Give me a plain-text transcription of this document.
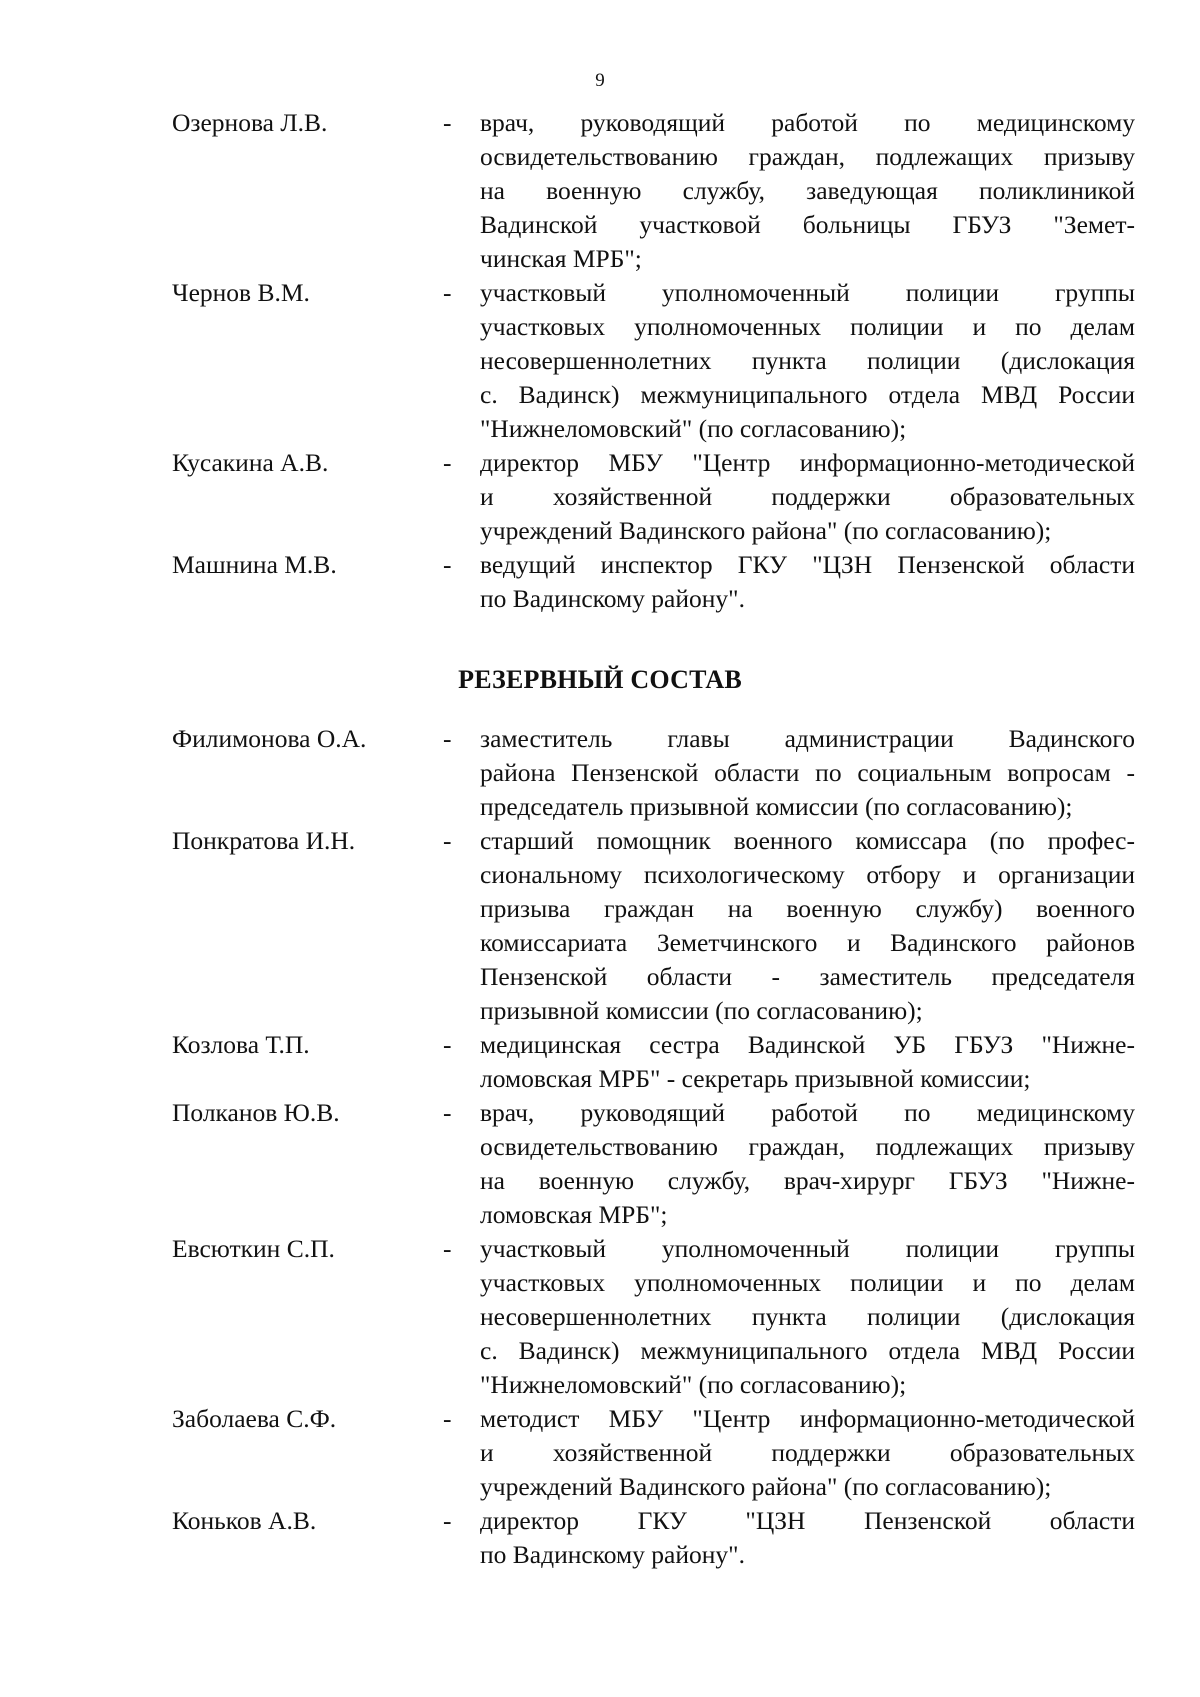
9
Озернова Л.В.	-	врач, руководящий работой по медицинскому
освидетельствованию граждан, подлежащих призыву
на военную службу, заведующая поликлиникой
Вадинской участковой больницы ГБУЗ "Земет-
чинская МРБ";
Чернов В.М.	-	участковый уполномоченный полиции группы
участковых уполномоченных полиции и по делам
несовершеннолетних пункта полиции (дислокация
с. Вадинск) межмуниципального отдела МВД России
"Нижнеломовский" (по согласованию);
Кусакина А.В.	-	директор МБУ "Центр информационно-методической
и хозяйственной поддержки образовательных
учреждений Вадинского района" (по согласованию);
Машнина М.В.	-	ведущий инспектор ГКУ "ЦЗН Пензенской области
по Вадинскому району".
РЕЗЕРВНЫЙ СОСТАВ
Филимонова О.А.	-	заместитель главы администрации Вадинского
района Пензенской области по социальным вопросам -
председатель призывной комиссии (по согласованию);
Понкратова И.Н.	-	старший помощник военного комиссара (по профес-
сиональному психологическому отбору и организации
призыва граждан на военную службу) военного
комиссариата Земетчинского и Вадинского районов
Пензенской области - заместитель председателя
призывной комиссии (по согласованию);
Козлова Т.П.	-	медицинская сестра Вадинской УБ ГБУЗ "Нижне-
ломовская МРБ" - секретарь призывной комиссии;
Полканов Ю.В.	-	врач, руководящий работой по медицинскому
освидетельствованию граждан, подлежащих призыву
на военную службу, врач-хирург ГБУЗ "Нижне-
ломовская МРБ";
Евсюткин С.П.	-	участковый уполномоченный полиции группы
участковых уполномоченных полиции и по делам
несовершеннолетних пункта полиции (дислокация
с. Вадинск) межмуниципального отдела МВД России
"Нижнеломовский" (по согласованию);
Заболаева С.Ф.	-	методист МБУ "Центр информационно-методической
и хозяйственной поддержки образовательных
учреждений Вадинского района" (по согласованию);
Коньков А.В.	-	директор ГКУ "ЦЗН Пензенской области
по Вадинскому району".
